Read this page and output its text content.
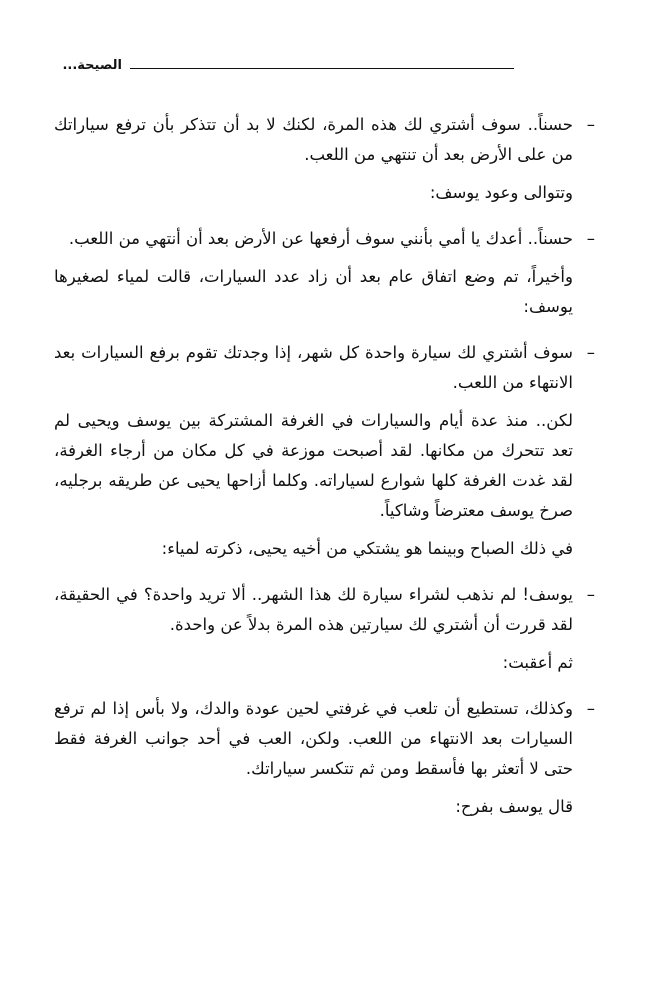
الصيحة...

–
حسناً.. سوف أشتري لك هذه المرة، لكنك لا بد أن تتذكر بأن ترفع سياراتك من على الأرض بعد أن تنتهي من اللعب.

وتتوالى وعود يوسف:

–
حسناً.. أعدك يا أمي بأنني سوف أرفعها عن الأرض بعد أن أنتهي من اللعب.

وأخيراً، تم وضع اتفاق عام بعد أن زاد عدد السيارات، قالت لمياء لصغيرها يوسف:

–
سوف أشتري لك سيارة واحدة كل شهر، إذا وجدتك تقوم برفع السيارات بعد الانتهاء من اللعب.

لكن.. منذ عدة أيام والسيارات في الغرفة المشتركة بين يوسف ويحيى لم تعد تتحرك من مكانها. لقد أصبحت موزعة في كل مكان من أرجاء الغرفة، لقد غدت الغرفة كلها شوارع لسياراته. وكلما أزاحها يحيى عن طريقه برجليه، صرخ يوسف معترضاً وشاكياً.

في ذلك الصباح وبينما هو يشتكي من أخيه يحيى، ذكرته لمياء:

–
يوسف! لم نذهب لشراء سيارة لك هذا الشهر.. ألا تريد واحدة؟ في الحقيقة، لقد قررت أن أشتري لك سيارتين هذه المرة بدلاً عن واحدة.

ثم أعقبت:

–
وكذلك، تستطيع أن تلعب في غرفتي لحين عودة والدك، ولا بأس إذا لم ترفع السيارات بعد الانتهاء من اللعب. ولكن، العب في أحد جوانب الغرفة فقط حتى لا أتعثر بها فأسقط ومن ثم تتكسر سياراتك.

قال يوسف بفرح:
